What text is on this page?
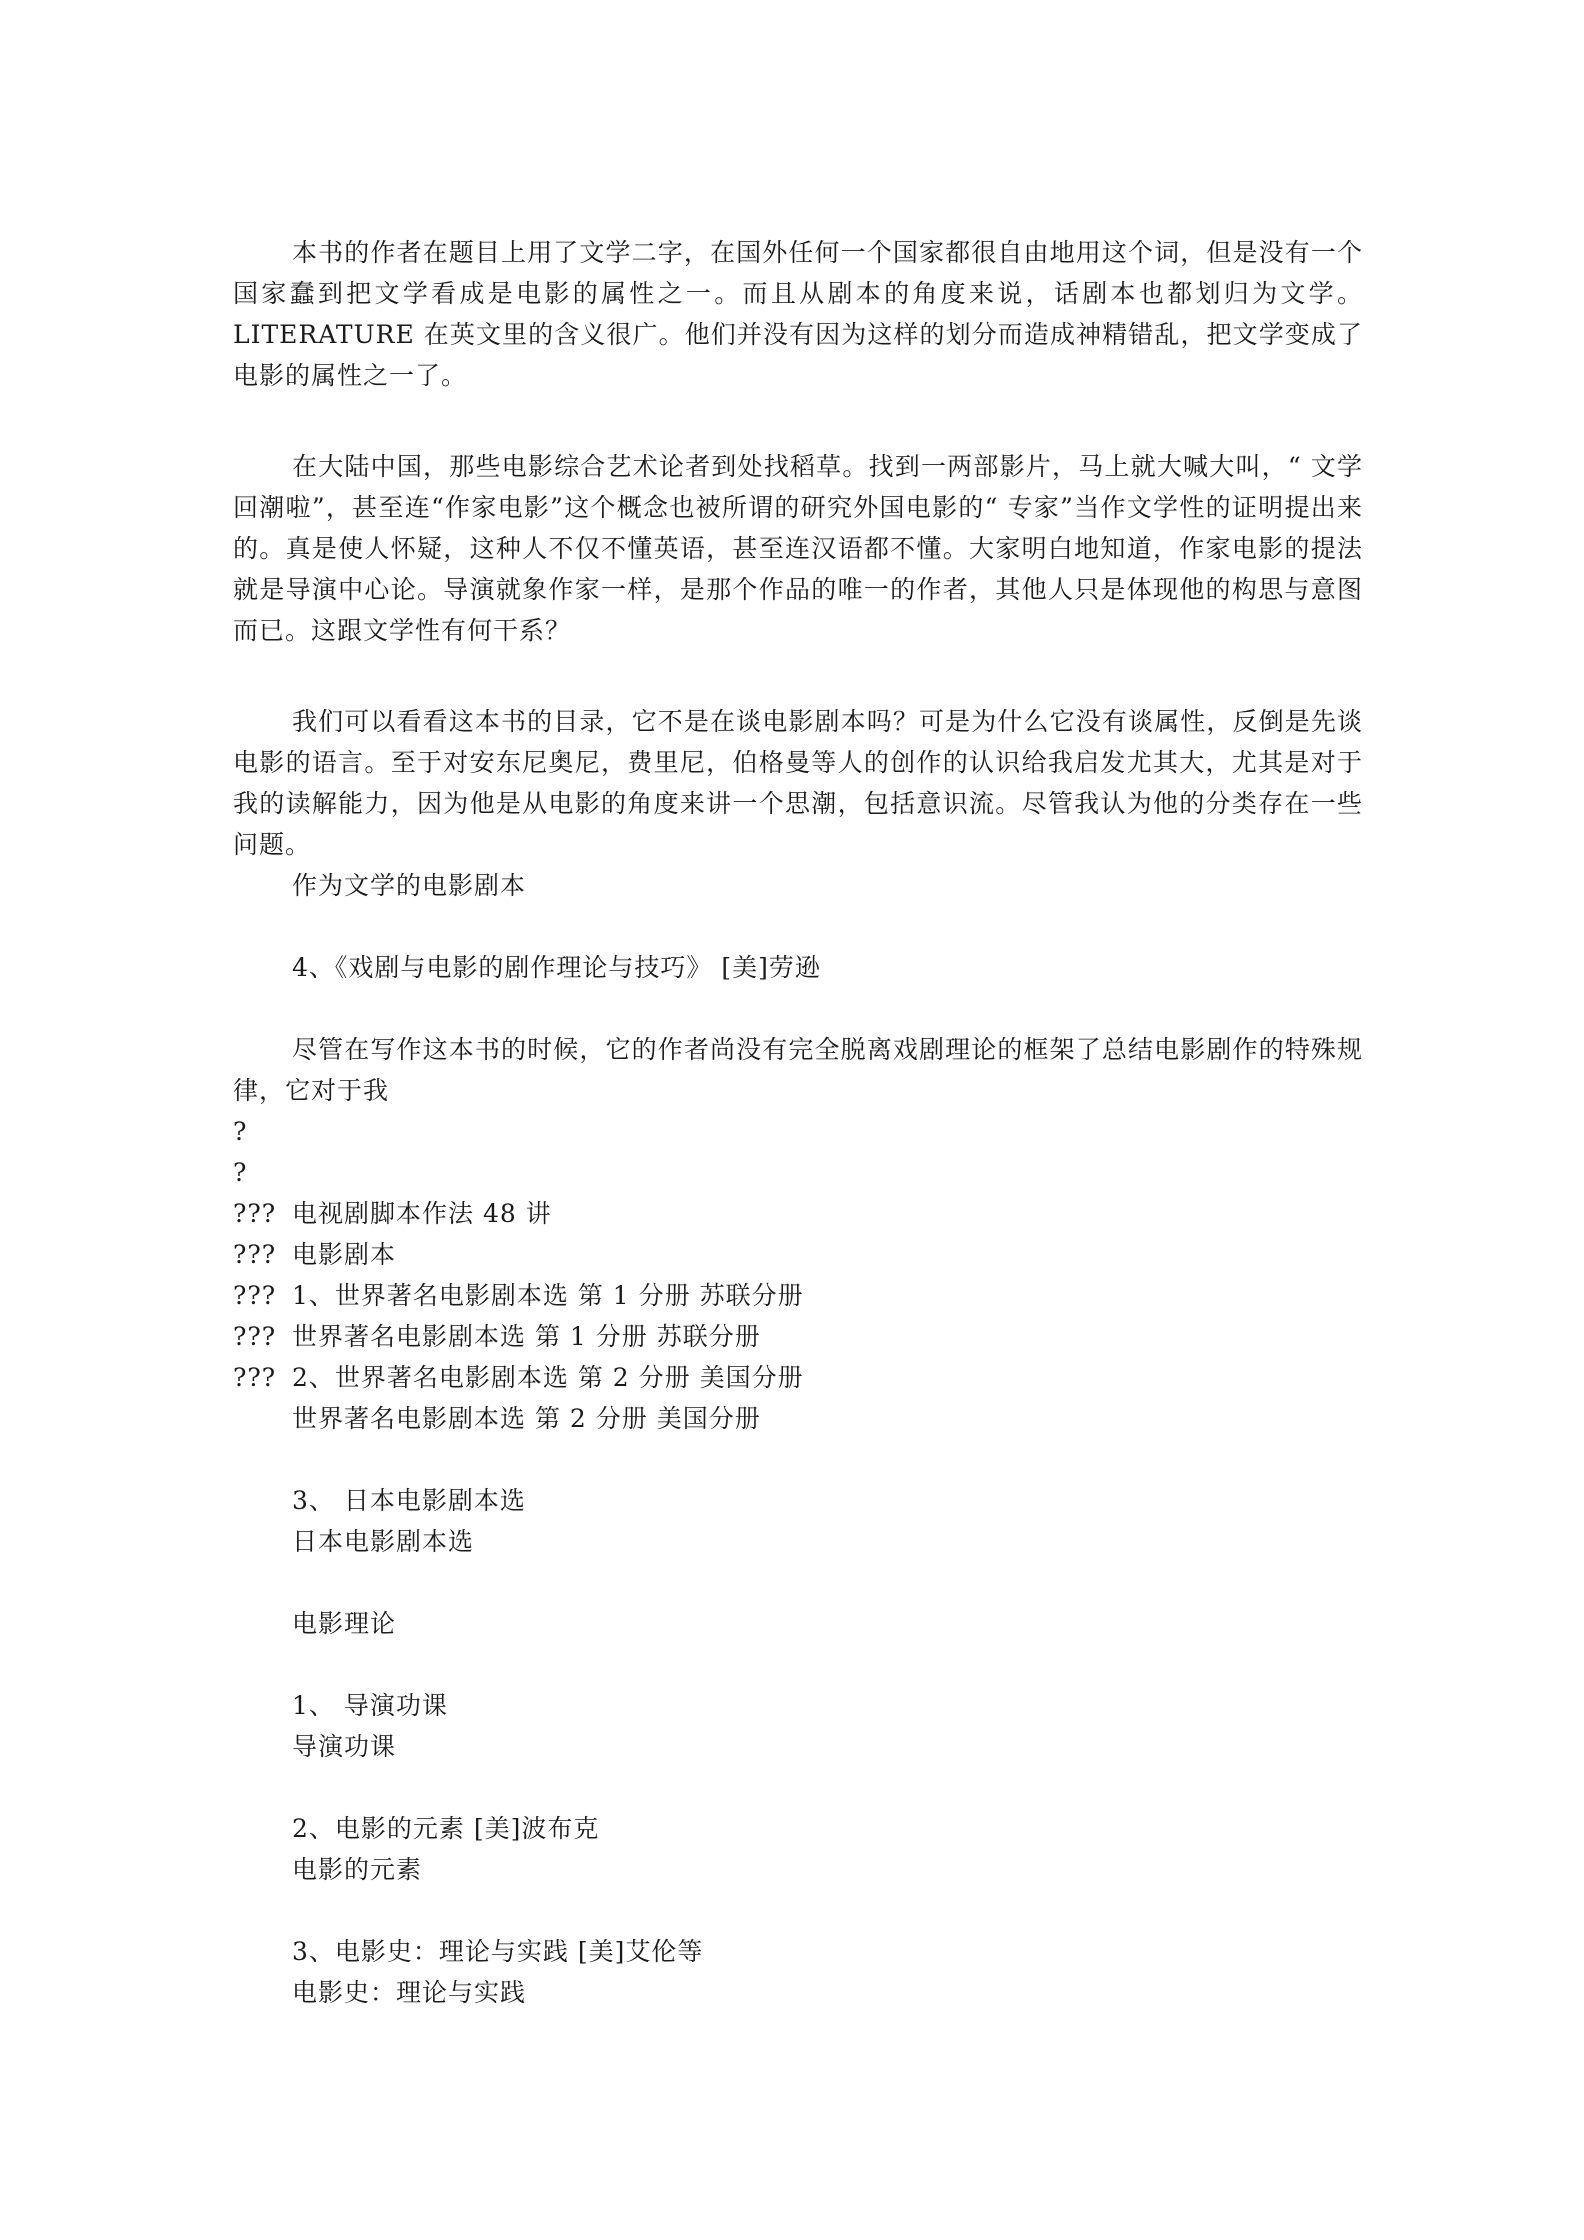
本书的作者在题目上用了文学二字，在国外任何一个国家都很自由地用这个词，但是没有一个国家蠢到把文学看成是电影的属性之一。而且从剧本的角度来说，话剧本也都划归为文学。LITERATURE 在英文里的含义很广。他们并没有因为这样的划分而造成神精错乱，把文学变成了电影的属性之一了。

在大陆中国，那些电影综合艺术论者到处找稻草。找到一两部影片，马上就大喊大叫，“ 文学回潮啦”，甚至连“作家电影”这个概念也被所谓的研究外国电影的“ 专家”当作文学性的证明提出来的。真是使人怀疑，这种人不仅不懂英语，甚至连汉语都不懂。大家明白地知道，作家电影的提法就是导演中心论。导演就象作家一样，是那个作品的唯一的作者，其他人只是体现他的构思与意图而已。这跟文学性有何干系？

我们可以看看这本书的目录，它不是在谈电影剧本吗？可是为什么它没有谈属性，反倒是先谈电影的语言。至于对安东尼奥尼，费里尼，伯格曼等人的创作的认识给我启发尤其大，尤其是对于我的读解能力，因为他是从电影的角度来讲一个思潮，包括意识流。尽管我认为他的分类存在一些问题。

作为文学的电影剧本
4、《戏剧与电影的剧作理论与技巧》 [美]劳逊

尽管在写作这本书的时候，它的作者尚没有完全脱离戏剧理论的框架了总结电影剧作的特殊规律，它对于我

?
?
??? 电视剧脚本作法 48 讲
??? 电影剧本
??? 1、世界著名电影剧本选 第 1 分册 苏联分册
??? 世界著名电影剧本选 第 1 分册 苏联分册
??? 2、世界著名电影剧本选 第 2 分册 美国分册
世界著名电影剧本选 第 2 分册 美国分册
3、 日本电影剧本选
日本电影剧本选
电影理论
1、 导演功课
导演功课
2、电影的元素 [美]波布克
电影的元素
3、电影史：理论与实践 [美]艾伦等
电影史：理论与实践
